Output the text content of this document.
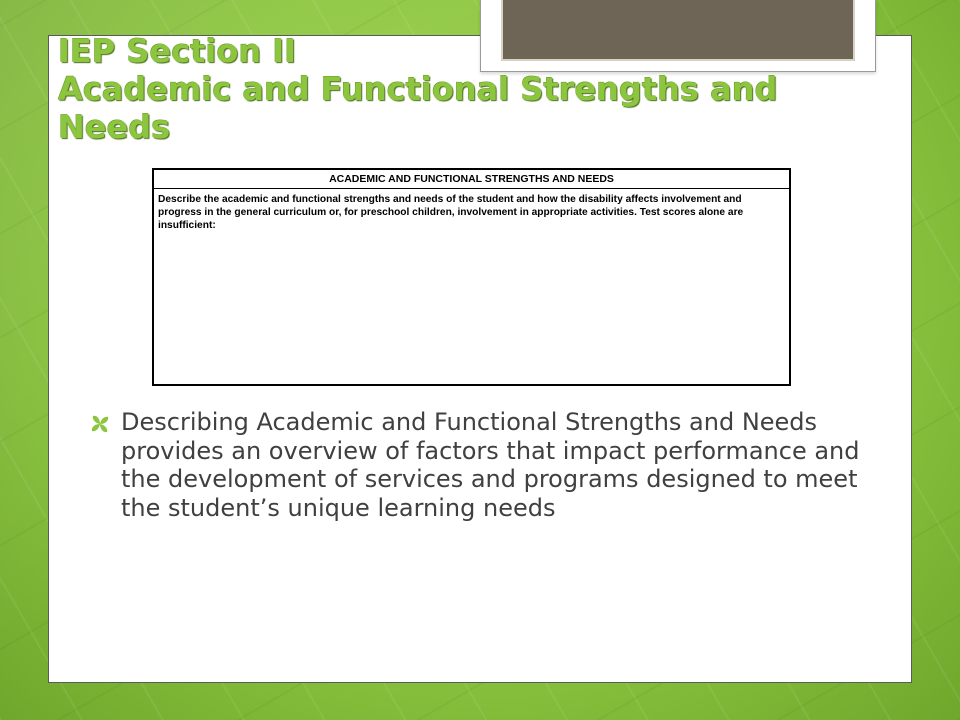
IEP Section II
Academic and Functional Strengths and
Needs
ACADEMIC AND FUNCTIONAL STRENGTHS AND NEEDS
Describe the academic and functional strengths and needs of the student and how the disability affects involvement and progress in the general curriculum or, for preschool children, involvement in appropriate activities. Test scores alone are insufficient:

Describing Academic and Functional Strengths and Needs provides an overview of factors that impact performance and the development of services and programs designed to meet the student’s unique learning needs
